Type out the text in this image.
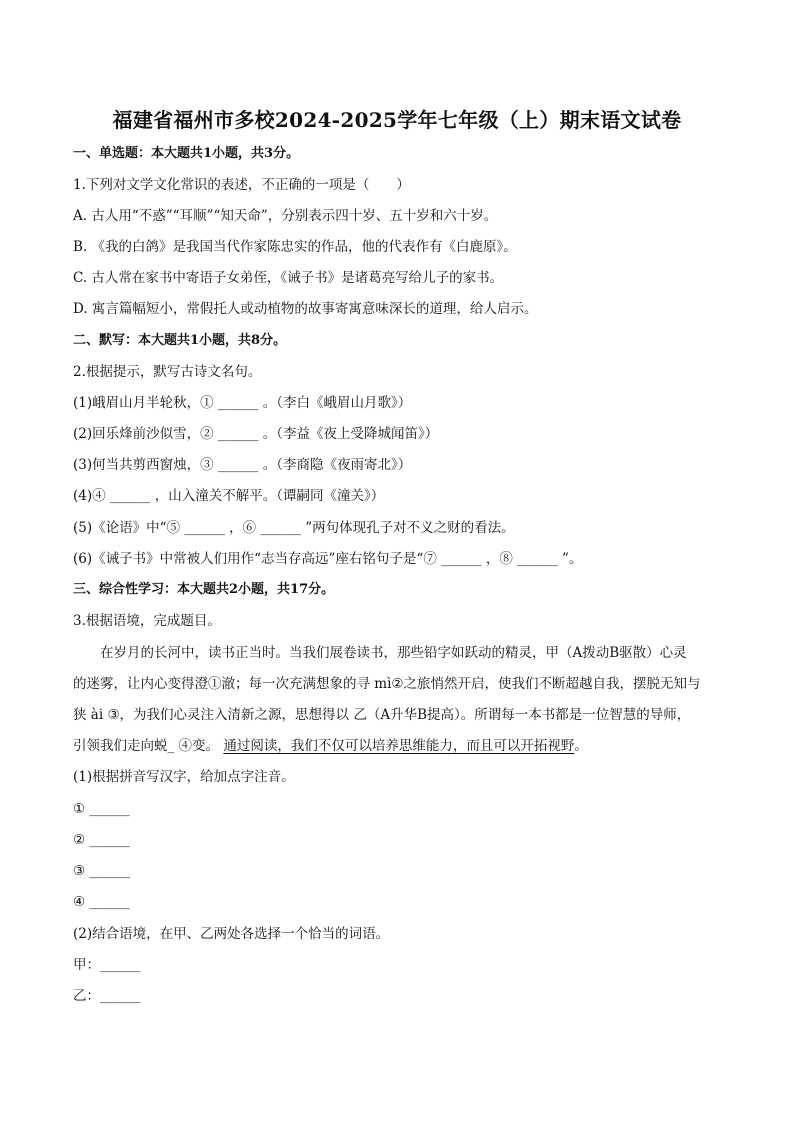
福建省福州市多校2024-2025学年七年级（上）期末语文试卷
一、单选题：本大题共1小题，共3分。
1.下列对文学文化常识的表述，不正确的一项是（　　）
A. 古人用“不惑”“耳顺”“知天命”，分别表示四十岁、五十岁和六十岁。
B. 《我的白鸽》是我国当代作家陈忠实的作品，他的代表作有《白鹿原》。
C. 古人常在家书中寄语子女弟侄，《诫子书》是诸葛亮写给儿子的家书。
D. 寓言篇幅短小，常假托人或动植物的故事寄寓意味深长的道理，给人启示。
二、默写：本大题共1小题，共8分。
2.根据提示，默写古诗文名句。
(1)峨眉山月半轮秋，① ______ 。（李白《峨眉山月歌》）
(2)回乐烽前沙似雪，② ______ 。（李益《夜上受降城闻笛》）
(3)何当共剪西窗烛，③ ______ 。（李商隐《夜雨寄北》）
(4)④ ______ ，山入潼关不解平。（谭嗣同《潼关》）
(5)《论语》中“⑤ ______ ，⑥ ______ ”两句体现孔子对不义之财的看法。
(6)《诫子书》中常被人们用作“志当存高远”座右铭句子是“⑦ ______ ，⑧ ______ ”。
三、综合性学习：本大题共2小题，共17分。
3.根据语境，完成题目。
在岁月的长河中，读书正当时。当我们展卷读书，那些铅字如跃动的精灵，甲（A拨动B驱散）心灵
的迷雾，让内心变得澄①澈；每一次充满想象的寻 mì②之旅悄然开启，使我们不断超越自我，摆脱无知与
狭 ài ③，为我们心灵注入清新之源，思想得以 乙（A升华B提高）。所谓每一本书都是一位智慧的导师，
引领我们走向蜕_ ④变。 通过阅读，我们不仅可以培养思维能力，而且可以开拓视野。
(1)根据拼音写汉字，给加点字注音。
① ______
② ______
③ ______
④ ______
(2)结合语境，在甲、乙两处各选择一个恰当的词语。
甲：______
乙：______
